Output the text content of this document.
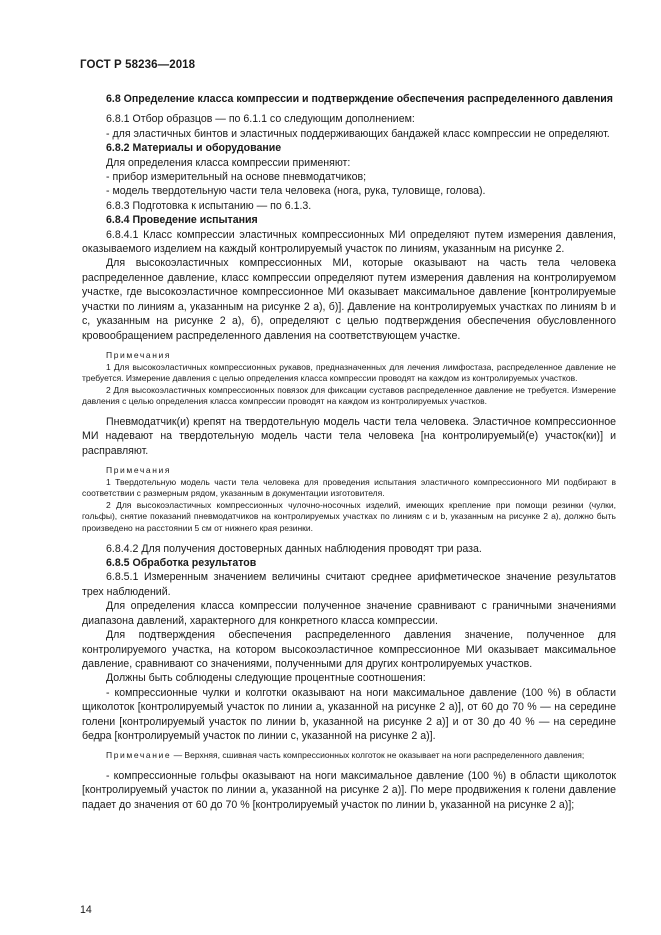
ГОСТ Р 58236—2018

6.8 Определение класса компрессии и подтверждение обеспечения распределенного давления

6.8.1 Отбор образцов — по 6.1.1 со следующим дополнением:

- для эластичных бинтов и эластичных поддерживающих бандажей класс компрессии не определяют.

6.8.2 Материалы и оборудование

Для определения класса компрессии применяют:

- прибор измерительный на основе пневмодатчиков;

- модель твердотельную части тела человека (нога, рука, туловище, голова).

6.8.3 Подготовка к испытанию — по 6.1.3.

6.8.4 Проведение испытания

6.8.4.1 Класс компрессии эластичных компрессионных МИ определяют путем измерения давления, оказываемого изделием на каждый контролируемый участок по линиям, указанным на рисунке 2.

Для высокоэластичных компрессионных МИ, которые оказывают на часть тела человека распределенное давление, класс компрессии определяют путем измерения давления на контролируемом участке, где высокоэластичное компрессионное МИ оказывает максимальное давление [контролируемые участки по линиям a, указанным на рисунке 2 а), б)]. Давление на контролируемых участках по линиям b и c, указанным на рисунке 2 а), б), определяют с целью подтверждения обеспечения обусловленного кровообращением распределенного давления на соответствующем участке.

Примечания

1 Для высокоэластичных компрессионных рукавов, предназначенных для лечения лимфостаза, распределенное давление не требуется. Измерение давления с целью определения класса компрессии проводят на каждом из контролируемых участков.

2 Для высокоэластичных компрессионных повязок для фиксации суставов распределенное давление не требуется. Измерение давления с целью определения класса компрессии проводят на каждом из контролируемых участков.

Пневмодатчик(и) крепят на твердотельную модель части тела человека. Эластичное компрессионное МИ надевают на твердотельную модель части тела человека [на контролируемый(е) участок(ки)] и расправляют.

Примечания

1 Твердотельную модель части тела человека для проведения испытания эластичного компрессионного МИ подбирают в соответствии с размерным рядом, указанным в документации изготовителя.

2 Для высокоэластичных компрессионных чулочно-носочных изделий, имеющих крепление при помощи резинки (чулки, гольфы), снятие показаний пневмодатчиков на контролируемых участках по линиям c и b, указанным на рисунке 2 а), должно быть произведено на расстоянии 5 см от нижнего края резинки.

6.8.4.2 Для получения достоверных данных наблюдения проводят три раза.

6.8.5 Обработка результатов

6.8.5.1 Измеренным значением величины считают среднее арифметическое значение результатов трех наблюдений.

Для определения класса компрессии полученное значение сравнивают с граничными значениями диапазона давлений, характерного для конкретного класса компрессии.

Для подтверждения обеспечения распределенного давления значение, полученное для контролируемого участка, на котором высокоэластичное компрессионное МИ оказывает максимальное давление, сравнивают со значениями, полученными для других контролируемых участков.

Должны быть соблюдены следующие процентные соотношения:

- компрессионные чулки и колготки оказывают на ноги максимальное давление (100 %) в области щиколоток [контролируемый участок по линии a, указанной на рисунке 2 а)], от 60 до 70 % — на середине голени [контролируемый участок по линии b, указанной на рисунке 2 а)] и от 30 до 40 % — на середине бедра [контролируемый участок по линии c, указанной на рисунке 2 а)].

Примечание — Верхняя, сшивная часть компрессионных колготок не оказывает на ноги распределенного давления;

- компрессионные гольфы оказывают на ноги максимальное давление (100 %) в области щиколоток [контролируемый участок по линии a, указанной на рисунке 2 а)]. По мере продвижения к голени давление падает до значения от 60 до 70 % [контролируемый участок по линии b, указанной на рисунке 2 а)];

14
